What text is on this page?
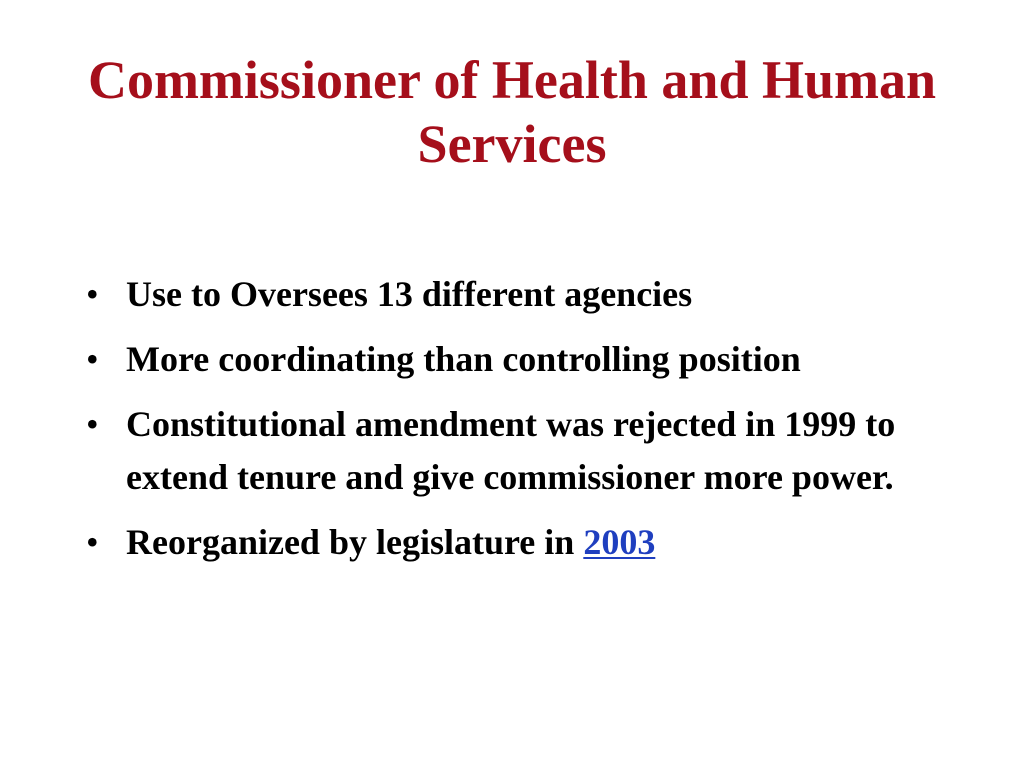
Commissioner of Health and Human Services
• Use to Oversees 13 different agencies
• More coordinating than controlling position
• Constitutional amendment was rejected in 1999 to extend tenure and give commissioner more power.
• Reorganized by legislature in 2003
